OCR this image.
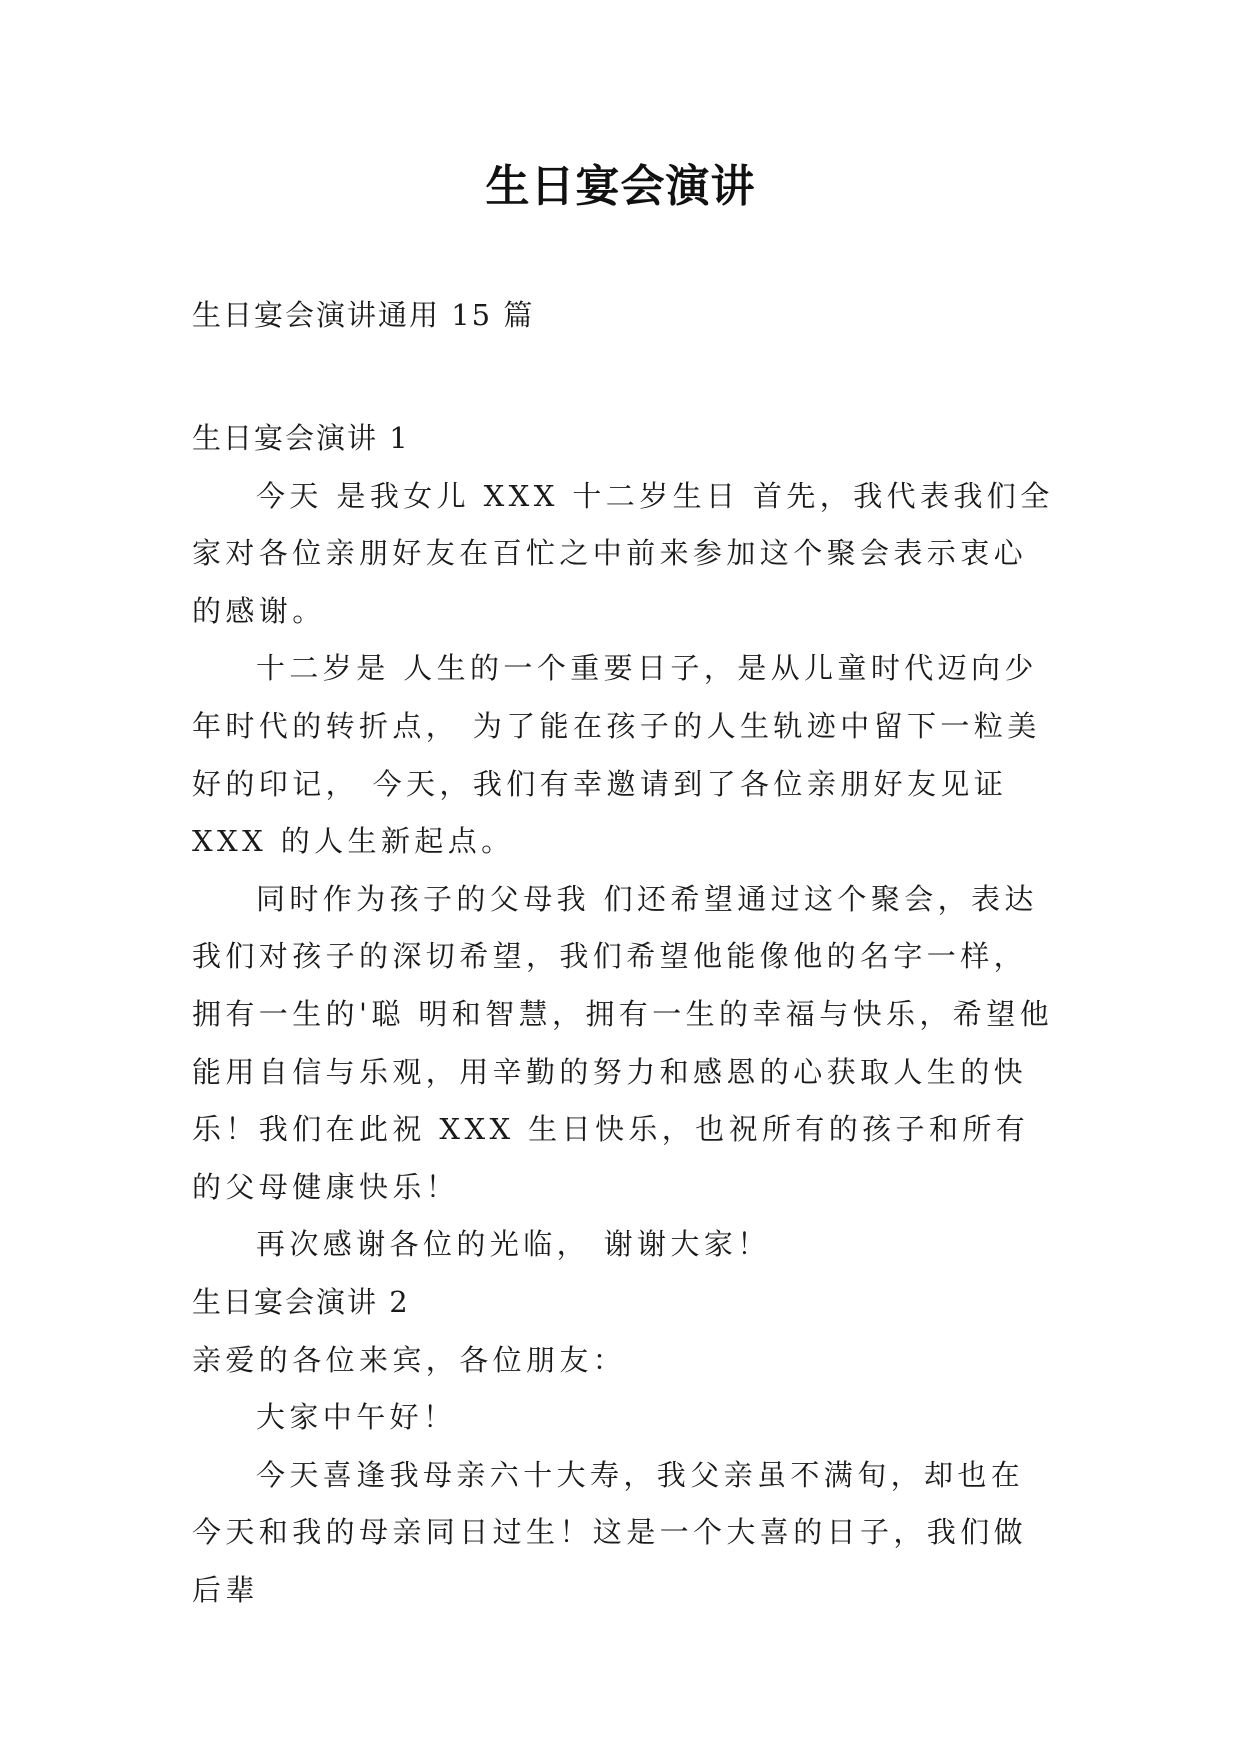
生日宴会演讲
生日宴会演讲通用 15 篇

生日宴会演讲 1

今天 是我女儿 XXX 十二岁生日 首先，我代表我们全家对各位亲朋好友在百忙之中前来参加这个聚会表示衷心的感谢。

十二岁是 人生的一个重要日子，是从儿童时代迈向少年时代的转折点， 为了能在孩子的人生轨迹中留下一粒美好的印记， 今天，我们有幸邀请到了各位亲朋好友见证 XXX 的人生新起点。

同时作为孩子的父母我 们还希望通过这个聚会，表达我们对孩子的深切希望，我们希望他能像他的名字一样，拥有一生的'聪 明和智慧，拥有一生的幸福与快乐，希望他能用自信与乐观，用辛勤的努力和感恩的心获取人生的快 乐！我们在此祝 XXX 生日快乐，也祝所有的孩子和所有的父母健康快乐！

再次感谢各位的光临， 谢谢大家！

生日宴会演讲 2

亲爱的各位来宾，各位朋友：

大家中午好！

今天喜逢我母亲六十大寿，我父亲虽不满旬，却也在今天和我的母亲同日过生！这是一个大喜的日子，我们做后辈
